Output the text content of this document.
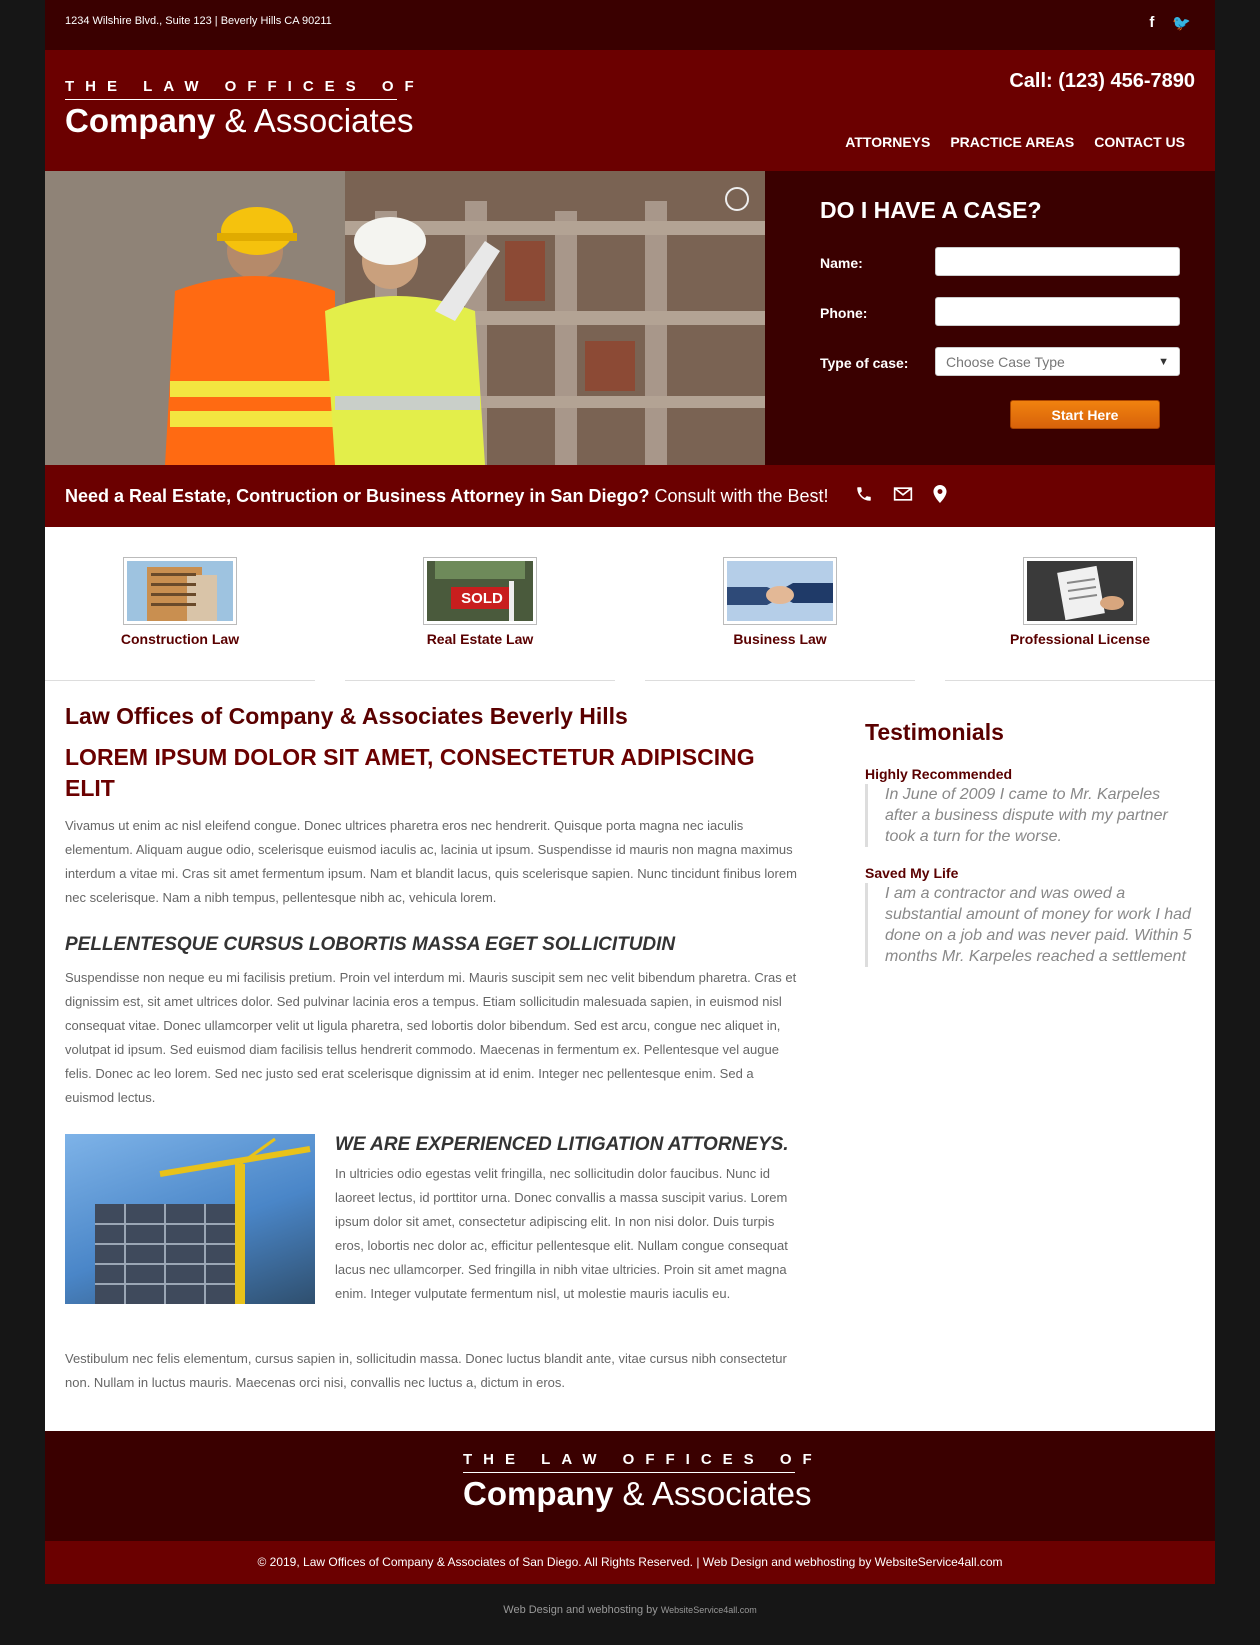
1234 Wilshire Blvd., Suite 123 | Beverly Hills CA 90211	f 🐦
THE LAW OFFICES OF
Company & Associates
Call: (123) 456-7890
ATTORNEYS PRACTICE AREAS CONTACT US
DO I HAVE A CASE?
Name:
Phone:
Type of case:	Choose Case Type	▼
Start Here
Need a Real Estate, Contruction or Business Attorney in San Diego? Consult with the Best!
Construction Law
SOLD
Real Estate Law	Business Law	Professional License
Law Offices of Company & Associates Beverly Hills
LOREM IPSUM DOLOR SIT AMET, CONSECTETUR ADIPISCING ELIT

Vivamus ut enim ac nisl eleifend congue. Donec ultrices pharetra eros nec hendrerit. Quisque porta magna nec iaculis elementum. Aliquam augue odio, scelerisque euismod iaculis ac, lacinia ut ipsum. Suspendisse id mauris non magna maximus interdum a vitae mi. Cras sit amet fermentum ipsum. Nam et blandit lacus, quis scelerisque sapien. Nunc tincidunt finibus lorem nec scelerisque. Nam a nibh tempus, pellentesque nibh ac, vehicula lorem.

PELLENTESQUE CURSUS LOBORTIS MASSA EGET SOLLICITUDIN

Suspendisse non neque eu mi facilisis pretium. Proin vel interdum mi. Mauris suscipit sem nec velit bibendum pharetra. Cras et dignissim est, sit amet ultrices dolor. Sed pulvinar lacinia eros a tempus. Etiam sollicitudin malesuada sapien, in euismod nisl consequat vitae. Donec ullamcorper velit ut ligula pharetra, sed lobortis dolor bibendum. Sed est arcu, congue nec aliquet in, volutpat id ipsum. Sed euismod diam facilisis tellus hendrerit commodo. Maecenas in fermentum ex. Pellentesque vel augue felis. Donec ac leo lorem. Sed nec justo sed erat scelerisque dignissim at id enim. Integer nec pellentesque enim. Sed a euismod lectus.

WE ARE EXPERIENCED LITIGATION ATTORNEYS.

In ultricies odio egestas velit fringilla, nec sollicitudin dolor faucibus. Nunc id laoreet lectus, id porttitor urna. Donec convallis a massa suscipit varius. Lorem ipsum dolor sit amet, consectetur adipiscing elit. In non nisi dolor. Duis turpis eros, lobortis nec dolor ac, efficitur pellentesque elit. Nullam congue consequat lacus nec ullamcorper. Sed fringilla in nibh vitae ultricies. Proin sit amet magna enim. Integer vulputate fermentum nisl, ut molestie mauris iaculis eu.

Vestibulum nec felis elementum, cursus sapien in, sollicitudin massa. Donec luctus blandit ante, vitae cursus nibh consectetur non. Nullam in luctus mauris. Maecenas orci nisi, convallis nec luctus a, dictum in eros.

Testimonials
Highly Recommended
In June of 2009 I came to Mr. Karpeles after a business dispute with my partner took a turn for the worse.
Saved My Life
I am a contractor and was owed a substantial amount of money for work I had done on a job and was never paid. Within 5 months Mr. Karpeles reached a settlement
THE LAW OFFICES OF
Company & Associates
© 2019, Law Offices of Company & Associates of San Diego. All Rights Reserved. | Web Design and webhosting by WebsiteService4all.com
Web Design and webhosting by WebsiteService4all.com
